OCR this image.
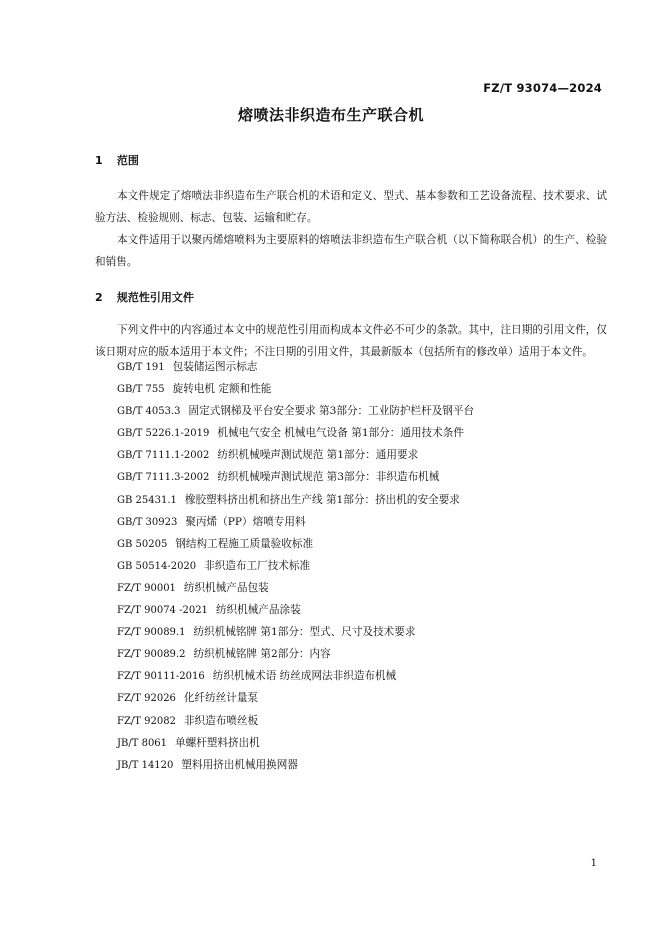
FZ/T 93074—2024
熔喷法非织造布生产联合机
1 范围

本文件规定了熔喷法非织造布生产联合机的术语和定义、型式、基本参数和工艺设备流程、技术要求、试验方法、检验规则、标志、包装、运输和贮存。

本文件适用于以聚丙烯熔喷料为主要原料的熔喷法非织造布生产联合机（以下简称联合机）的生产、检验和销售。

2 规范性引用文件

下列文件中的内容通过本文中的规范性引用而构成本文件必不可少的条款。其中，注日期的引用文件，仅该日期对应的版本适用于本文件；不注日期的引用文件，其最新版本（包括所有的修改单）适用于本文件。

GB/T 191 包装储运图示标志
GB/T 755 旋转电机 定额和性能
GB/T 4053.3 固定式钢梯及平台安全要求 第3部分：工业防护栏杆及钢平台
GB/T 5226.1-2019 机械电气安全 机械电气设备 第1部分：通用技术条件
GB/T 7111.1-2002 纺织机械噪声测试规范 第1部分：通用要求
GB/T 7111.3-2002 纺织机械噪声测试规范 第3部分：非织造布机械
GB 25431.1 橡胶塑料挤出机和挤出生产线 第1部分：挤出机的安全要求
GB/T 30923 聚丙烯（PP）熔喷专用料
GB 50205 钢结构工程施工质量验收标准
GB 50514-2020 非织造布工厂技术标准
FZ/T 90001 纺织机械产品包装
FZ/T 90074 -2021 纺织机械产品涂装
FZ/T 90089.1 纺织机械铭牌 第1部分：型式、尺寸及技术要求
FZ/T 90089.2 纺织机械铭牌 第2部分：内容
FZ/T 90111-2016 纺织机械术语 纺丝成网法非织造布机械
FZ/T 92026 化纤纺丝计量泵
FZ/T 92082 非织造布喷丝板
JB/T 8061 单螺杆塑料挤出机
JB/T 14120 塑料用挤出机械用换网器
1
